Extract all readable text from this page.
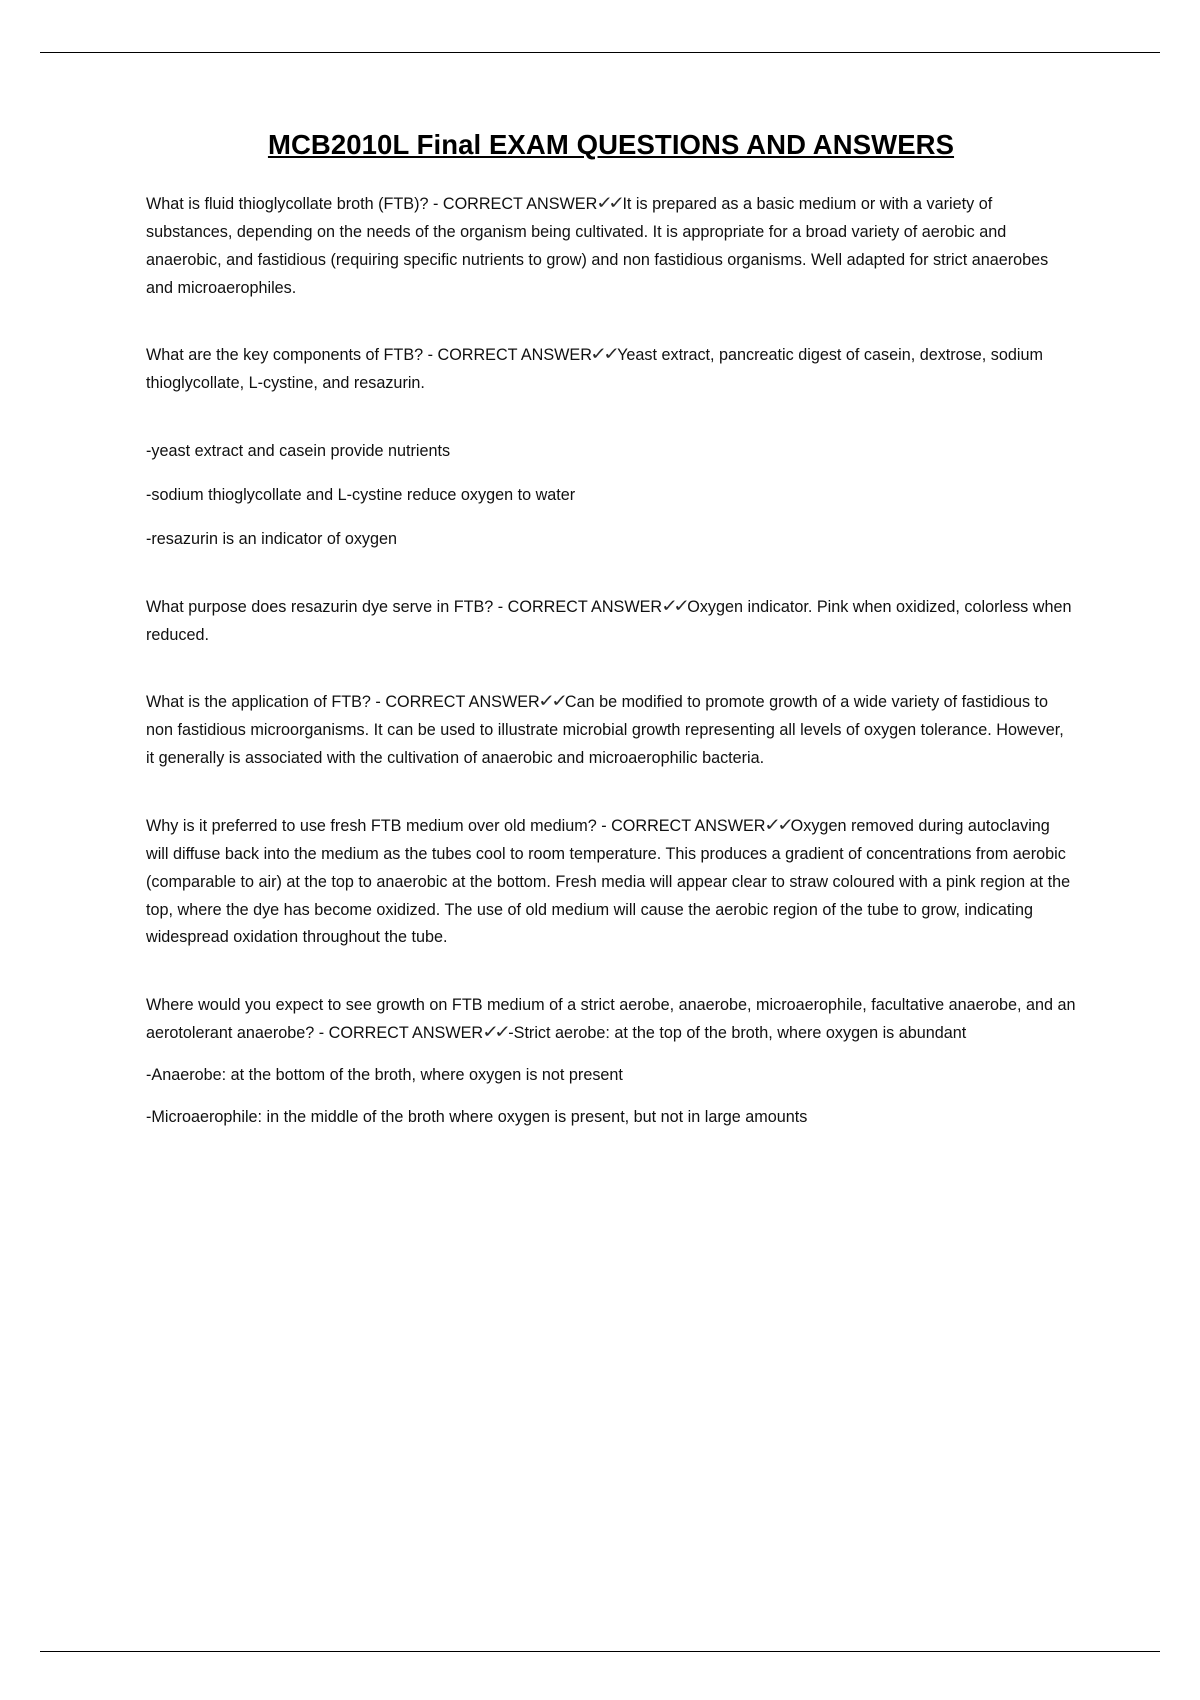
MCB2010L Final EXAM QUESTIONS AND ANSWERS

What is fluid thioglycollate broth (FTB)? - CORRECT ANSWER✓✓It is prepared as a basic medium or with a variety of substances, depending on the needs of the organism being cultivated. It is appropriate for a broad variety of aerobic and anaerobic, and fastidious (requiring specific nutrients to grow) and non fastidious organisms. Well adapted for strict anaerobes and microaerophiles.

What are the key components of FTB? - CORRECT ANSWER✓✓Yeast extract, pancreatic digest of casein, dextrose, sodium thioglycollate, L-cystine, and resazurin.

-yeast extract and casein provide nutrients

-sodium thioglycollate and L-cystine reduce oxygen to water

-resazurin is an indicator of oxygen

What purpose does resazurin dye serve in FTB? - CORRECT ANSWER✓✓Oxygen indicator. Pink when oxidized, colorless when reduced.

What is the application of FTB? - CORRECT ANSWER✓✓Can be modified to promote growth of a wide variety of fastidious to non fastidious microorganisms. It can be used to illustrate microbial growth representing all levels of oxygen tolerance. However, it generally is associated with the cultivation of anaerobic and microaerophilic bacteria.

Why is it preferred to use fresh FTB medium over old medium? - CORRECT ANSWER✓✓Oxygen removed during autoclaving will diffuse back into the medium as the tubes cool to room temperature. This produces a gradient of concentrations from aerobic (comparable to air) at the top to anaerobic at the bottom. Fresh media will appear clear to straw coloured with a pink region at the top, where the dye has become oxidized. The use of old medium will cause the aerobic region of the tube to grow, indicating widespread oxidation throughout the tube.

Where would you expect to see growth on FTB medium of a strict aerobe, anaerobe, microaerophile, facultative anaerobe, and an aerotolerant anaerobe? - CORRECT ANSWER✓✓-Strict aerobe: at the top of the broth, where oxygen is abundant

-Anaerobe: at the bottom of the broth, where oxygen is not present

-Microaerophile: in the middle of the broth where oxygen is present, but not in large amounts
